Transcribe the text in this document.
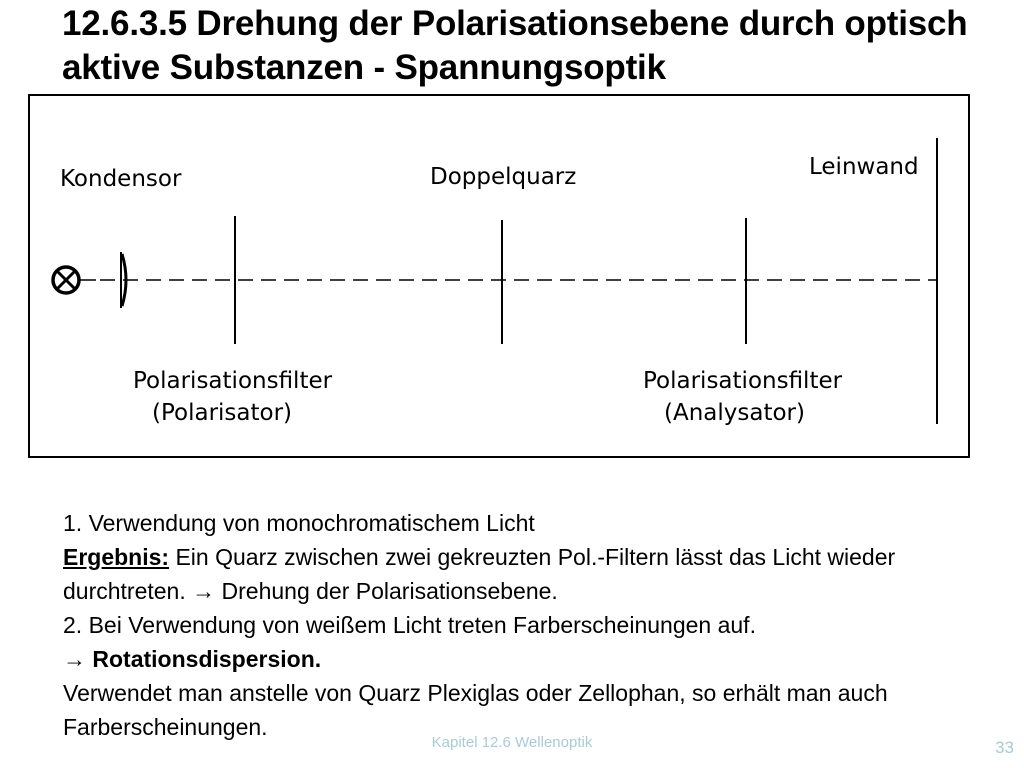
12.6.3.5 Drehung der Polarisationsebene durch optisch aktive Substanzen - Spannungsoptik
Kondensor	Doppelquarz	Leinwand
Polarisationsfilter
(Polarisator)
Polarisationsfilter
(Analysator)

1. Verwendung von monochromatischem Licht

Ergebnis: Ein Quarz zwischen zwei gekreuzten Pol.-Filtern lässt das Licht wieder durchtreten. → Drehung der Polarisationsebene.

2. Bei Verwendung von weißem Licht treten Farberscheinungen auf.

→ Rotationsdispersion.

Verwendet man anstelle von Quarz Plexiglas oder Zellophan, so erhält man auch Farberscheinungen.

Kapitel 12.6 Wellenoptik	33
